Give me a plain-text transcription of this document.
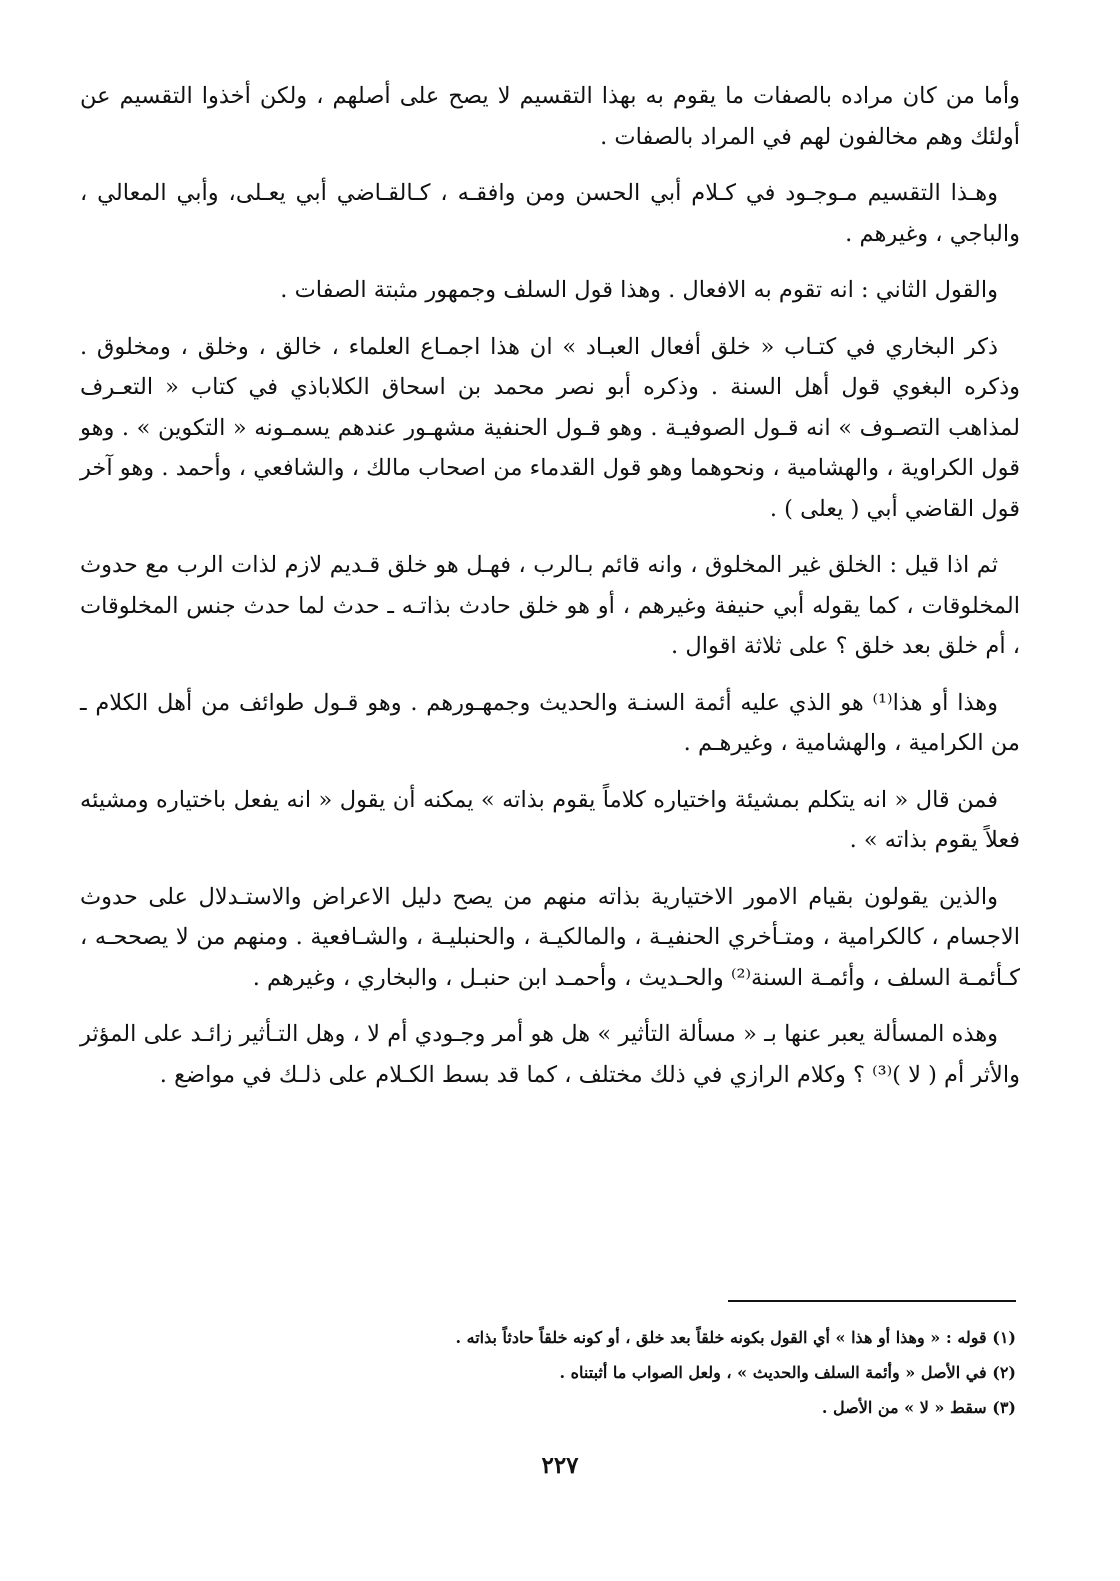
وأما من كان مراده بالصفات ما يقوم به بهذا التقسيم لا يصح على أصلهم ، ولكن أخذوا التقسيم عن أولئك وهم مخالفون لهم في المراد بالصفات .

وهـذا التقسيم مـوجـود في كـلام أبي الحسن ومن وافقـه ، كـالقـاضي أبي يعـلى، وأبي المعالي ، والباجي ، وغيرهم .

والقول الثاني : انه تقوم به الافعال . وهذا قول السلف وجمهور مثبتة الصفات .

ذكر البخاري في كتـاب « خلق أفعال العبـاد » ان هذا اجمـاع العلماء ، خالق ، وخلق ، ومخلوق . وذكره البغوي قول أهل السنة . وذكره أبو نصر محمد بن اسحاق الكلاباذي في كتاب « التعـرف لمذاهب التصـوف » انه قـول الصوفيـة . وهو قـول الحنفية مشهـور عندهم يسمـونه « التكوين » . وهو قول الكراوية ، والهشامية ، ونحوهما وهو قول القدماء من اصحاب مالك ، والشافعي ، وأحمد . وهو آخر قول القاضي أبي ( يعلى ) .

ثم اذا قيل : الخلق غير المخلوق ، وانه قائم بـالرب ، فهـل هو خلق قـديم لازم لذات الرب مع حدوث المخلوقات ، كما يقوله أبي حنيفة وغيرهم ، أو هو خلق حادث بذاتـه ـ حدث لما حدث جنس المخلوقات ، أم خلق بعد خلق ؟ على ثلاثة اقوال .

وهذا أو هذا⁽¹⁾ هو الذي عليه أئمة السنـة والحديث وجمهـورهم . وهو قـول طوائف من أهل الكلام ـ من الكرامية ، والهشامية ، وغيرهـم .

فمن قال « انه يتكلم بمشيئة واختياره كلاماً يقوم بذاته » يمكنه أن يقول « انه يفعل باختياره ومشيئه فعلاً يقوم بذاته » .

والذين يقولون بقيام الامور الاختيارية بذاته منهم من يصح دليل الاعراض والاستـدلال على حدوث الاجسام ، كالكرامية ، ومتـأخري الحنفيـة ، والمالكيـة ، والحنبليـة ، والشـافعية . ومنهم من لا يصححـه ، كـأئمـة السلف ، وأئمـة السنة⁽²⁾ والحـديث ، وأحمـد ابن حنبـل ، والبخاري ، وغيرهم .

وهذه المسألة يعبر عنها بـ « مسألة التأثير » هل هو أمر وجـودي أم لا ، وهل التـأثير زائـد على المؤثر والأثر أم ( لا )⁽³⁾ ؟ وكلام الرازي في ذلك مختلف ، كما قد بسط الكـلام على ذلـك في مواضع .

(١) قوله : « وهذا أو هذا » أي القول بكونه خلقاً بعد خلق ، أو كونه خلقاً حادثاً بذاته .

(٢) في الأصل « وأئمة السلف والحديث » ، ولعل الصواب ما أثبتناه .

(٣) سقط « لا » من الأصل .

٢٢٧
